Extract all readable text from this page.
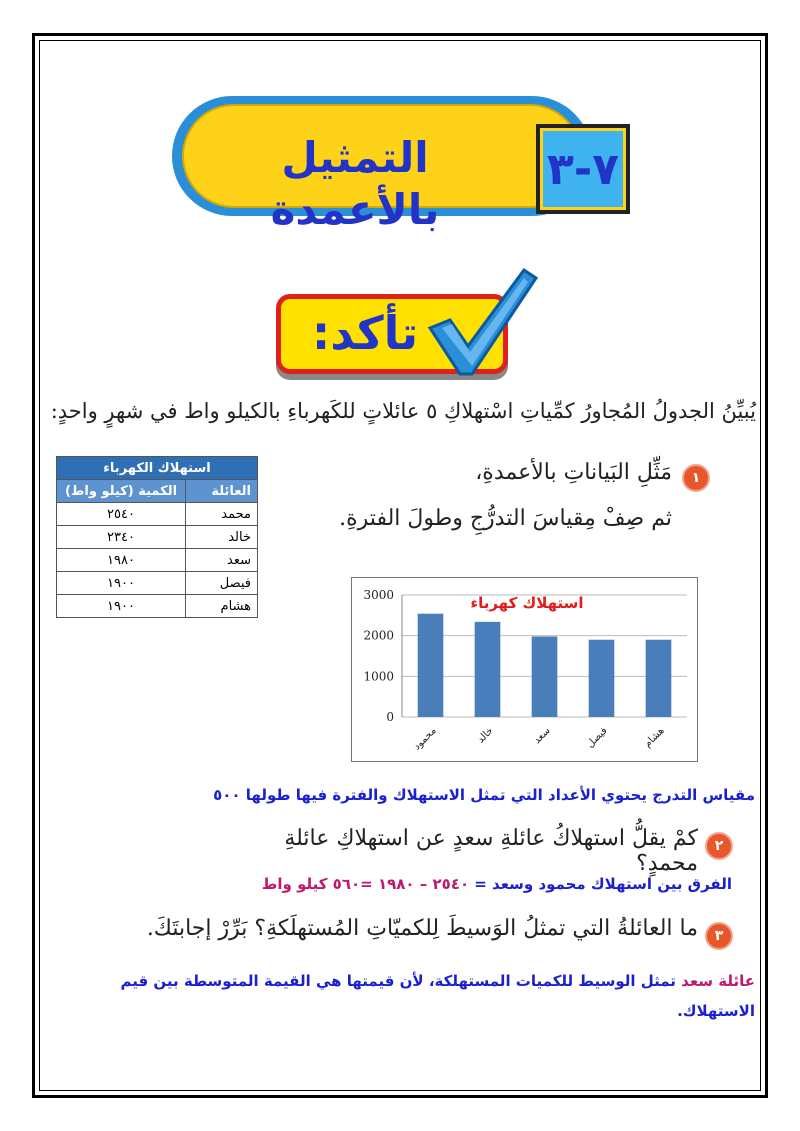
التمثيل بالأعمدة
٧-٣
تأكد:
يُبيِّنُ الجدولُ المُجاورُ كمِّياتِ اسْتهلاكِ ٥ عائلاتٍ للكَهرباءِ بالكيلو واط في شهرٍ واحدٍ:
استهلاك الكهرباء	
العائلة	الكمية (كيلو واط)
محمد	٢٥٤٠
خالد	٢٣٤٠
سعد	١٩٨٠
فيصل	١٩٠٠
هشام	١٩٠٠
١
مَثِّلِ البَياناتِ بالأعمدةِ،
ثم صِفْ مِقياسَ التدرُّجِ وطولَ الفترةِ.
0
1000
2000
3000
محمود	خالد	سعد	فيصل	هشام
استهلاك كهرباء
مقياس التدرج يحتوي الأعداد التي تمثل الاستهلاك والفترة فيها طولها ٥٠٠
٢
كمْ يقلُّ استهلاكُ عائلةِ سعدٍ عن استهلاكِ عائلةِ محمدٍ؟
الفرق بين استهلاك محمود وسعد = ٢٥٤٠ – ١٩٨٠ =٥٦٠ كيلو واط
٣
ما العائلةُ التي تمثلُ الوَسيطَ لِلكميّاتِ المُستهلَكةِ؟ بَرِّرْ إجابتَكَ.
عائلة سعد تمثل الوسيط للكميات المستهلكة، لأن قيمتها هي القيمة المتوسطة بين قيم الاستهلاك.
